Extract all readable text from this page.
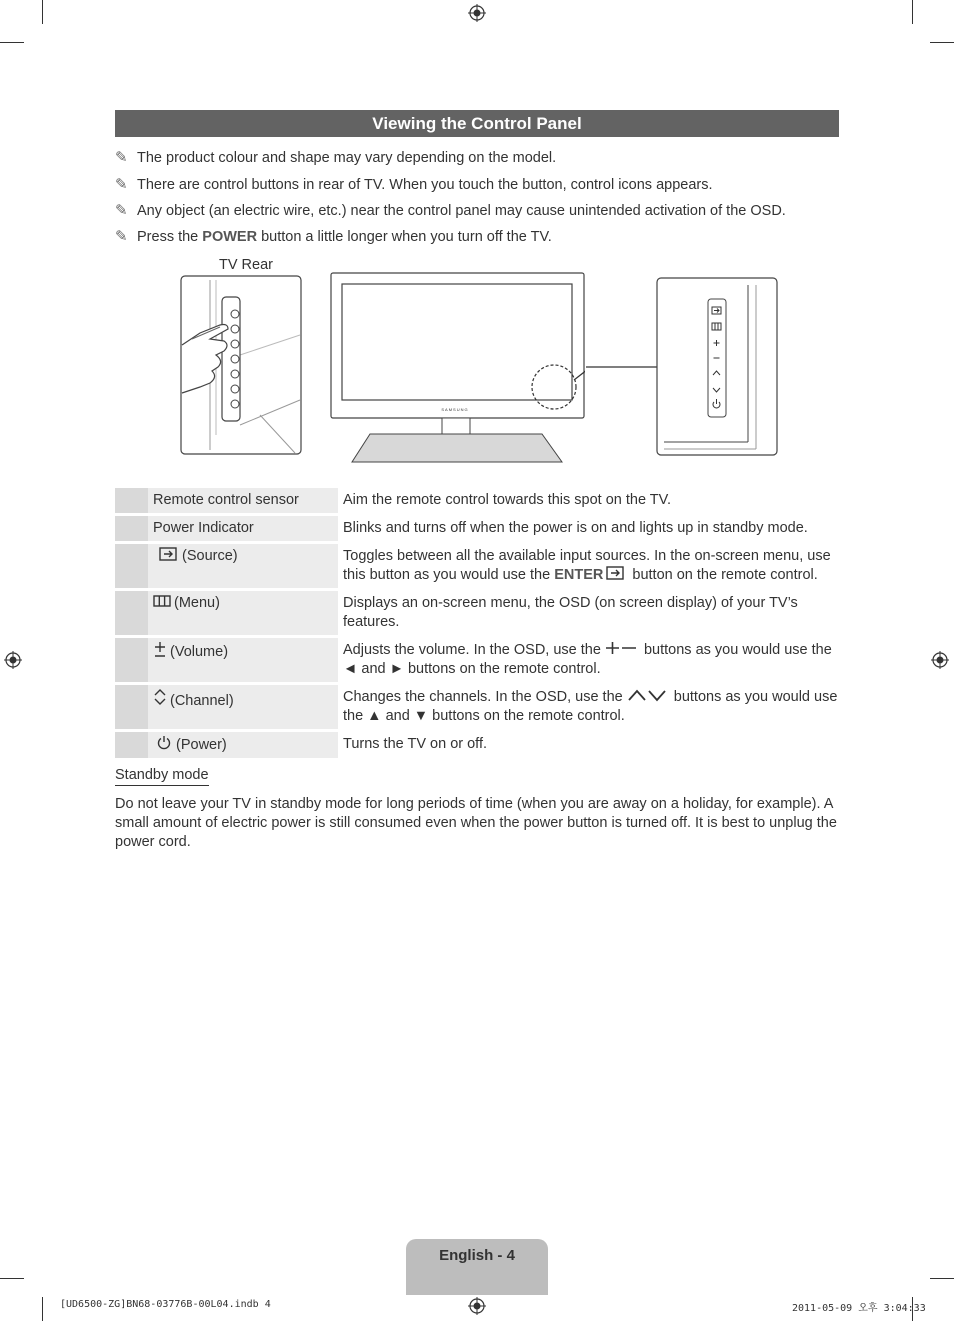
Viewing the Control Panel
✎ The product colour and shape may vary depending on the model.
✎ There are control buttons in rear of TV. When you touch the button, control icons appears.
✎ Any object (an electric wire, etc.) near the control panel may cause unintended activation of the OSD.
✎ Press the POWER button a little longer when you turn off the TV.
TV Rear
SAMSUNG
	Remote control sensor	Aim the remote control towards this spot on the TV.
	Power Indicator	Blinks and turns off when the power is on and lights up in standby mode.
	(Source)	Toggles between all the available input sources. In the on-screen menu, use this button as you would use the ENTER button on the remote control.
	(Menu)	Displays an on-screen menu, the OSD (on screen display) of your TV’s features.
	(Volume)	Adjusts the volume. In the OSD, use the  buttons as you would use the ◄ and ► buttons on the remote control.
	(Channel)	Changes the channels. In the OSD, use the buttons as you would use the ▲ and ▼ buttons on the remote control.
	(Power)	Turns the TV on or off.
Standby mode
Do not leave your TV in standby mode for long periods of time (when you are away on a holiday, for example). A small amount of electric power is still consumed even when the power button is turned off. It is best to unplug the power cord.
English - 4
[UD6500-ZG]BN68-03776B-00L04.indb 4	2011-05-09 오후 3:04:33
